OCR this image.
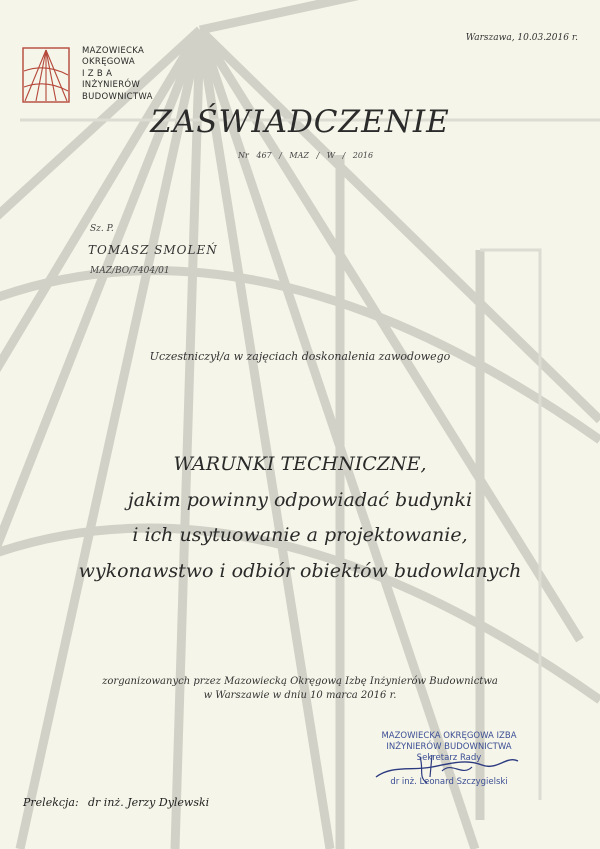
MAZOWIECKA
OKRĘGOWA
I Z B A
INŻYNIERÓW
BUDOWNICTWA
Warszawa, 10.03.2016 r.
ZAŚWIADCZENIE
Nr 467 / MAZ / W / 2016
Sz. P.
TOMASZ SMOLEŃ
MAZ/BO/7404/01
Uczestniczył/a w zajęciach doskonalenia zawodowego
WARUNKI TECHNICZNE,
jakim powinny odpowiadać budynki
i ich usytuowanie a projektowanie,
wykonawstwo i odbiór obiektów budowlanych
zorganizowanych przez Mazowiecką Okręgową Izbę Inżynierów Budownictwa
w Warszawie w dniu 10 marca 2016 r.
MAZOWIECKA OKRĘGOWA IZBA
INŻYNIERÓW BUDOWNICTWA
Sekretarz Rady
dr inż. Leonard Szczygielski
Prelekcja: dr inż. Jerzy Dylewski
